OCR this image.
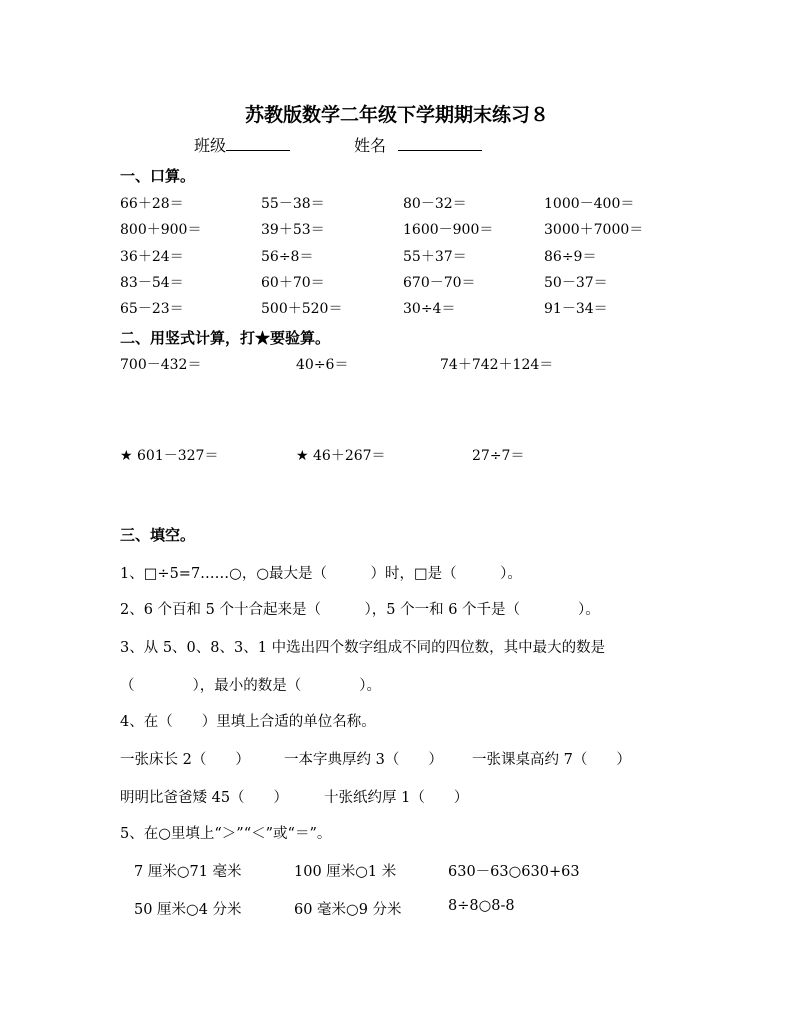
苏教版数学二年级下学期期末练习８
班级	姓名
一、口算。
66＋28＝	55－38＝	80－32＝	1000－400＝
800＋900＝	39＋53＝	1600－900＝	3000＋7000＝
36＋24＝	56÷8＝	55＋37＝	86÷9＝
83－54＝	60＋70＝	670－70＝	50－37＝
65－23＝	500＋520＝	30÷4＝	91－34＝
二、用竖式计算，打★要验算。
700－432＝	40÷6＝	74＋742＋124＝
★ 601－327＝	★ 46＋267＝	27÷7＝
三、填空。
1、□÷5=7……○，○最大是（　　　）时，□是（　　　）。
2、6 个百和 5 个十合起来是（　　　），5 个一和 6 个千是（　　　　）。
3、从 5、0、8、3、1 中选出四个数字组成不同的四位数，其中最大的数是
（　　　　），最小的数是（　　　　）。
4、在（　　）里填上合适的单位名称。
一张床长 2（　　） 一本字典厚约 3（　　） 一张课桌高约 7（　　）
明明比爸爸矮 45（　　） 十张纸约厚 1（　　）
5、在○里填上“＞”“＜”或“＝”。
7 厘米○71 毫米	100 厘米○1 米	630－63○630+63
50 厘米○4 分米	60 毫米○9 分米	8÷8○8-8
